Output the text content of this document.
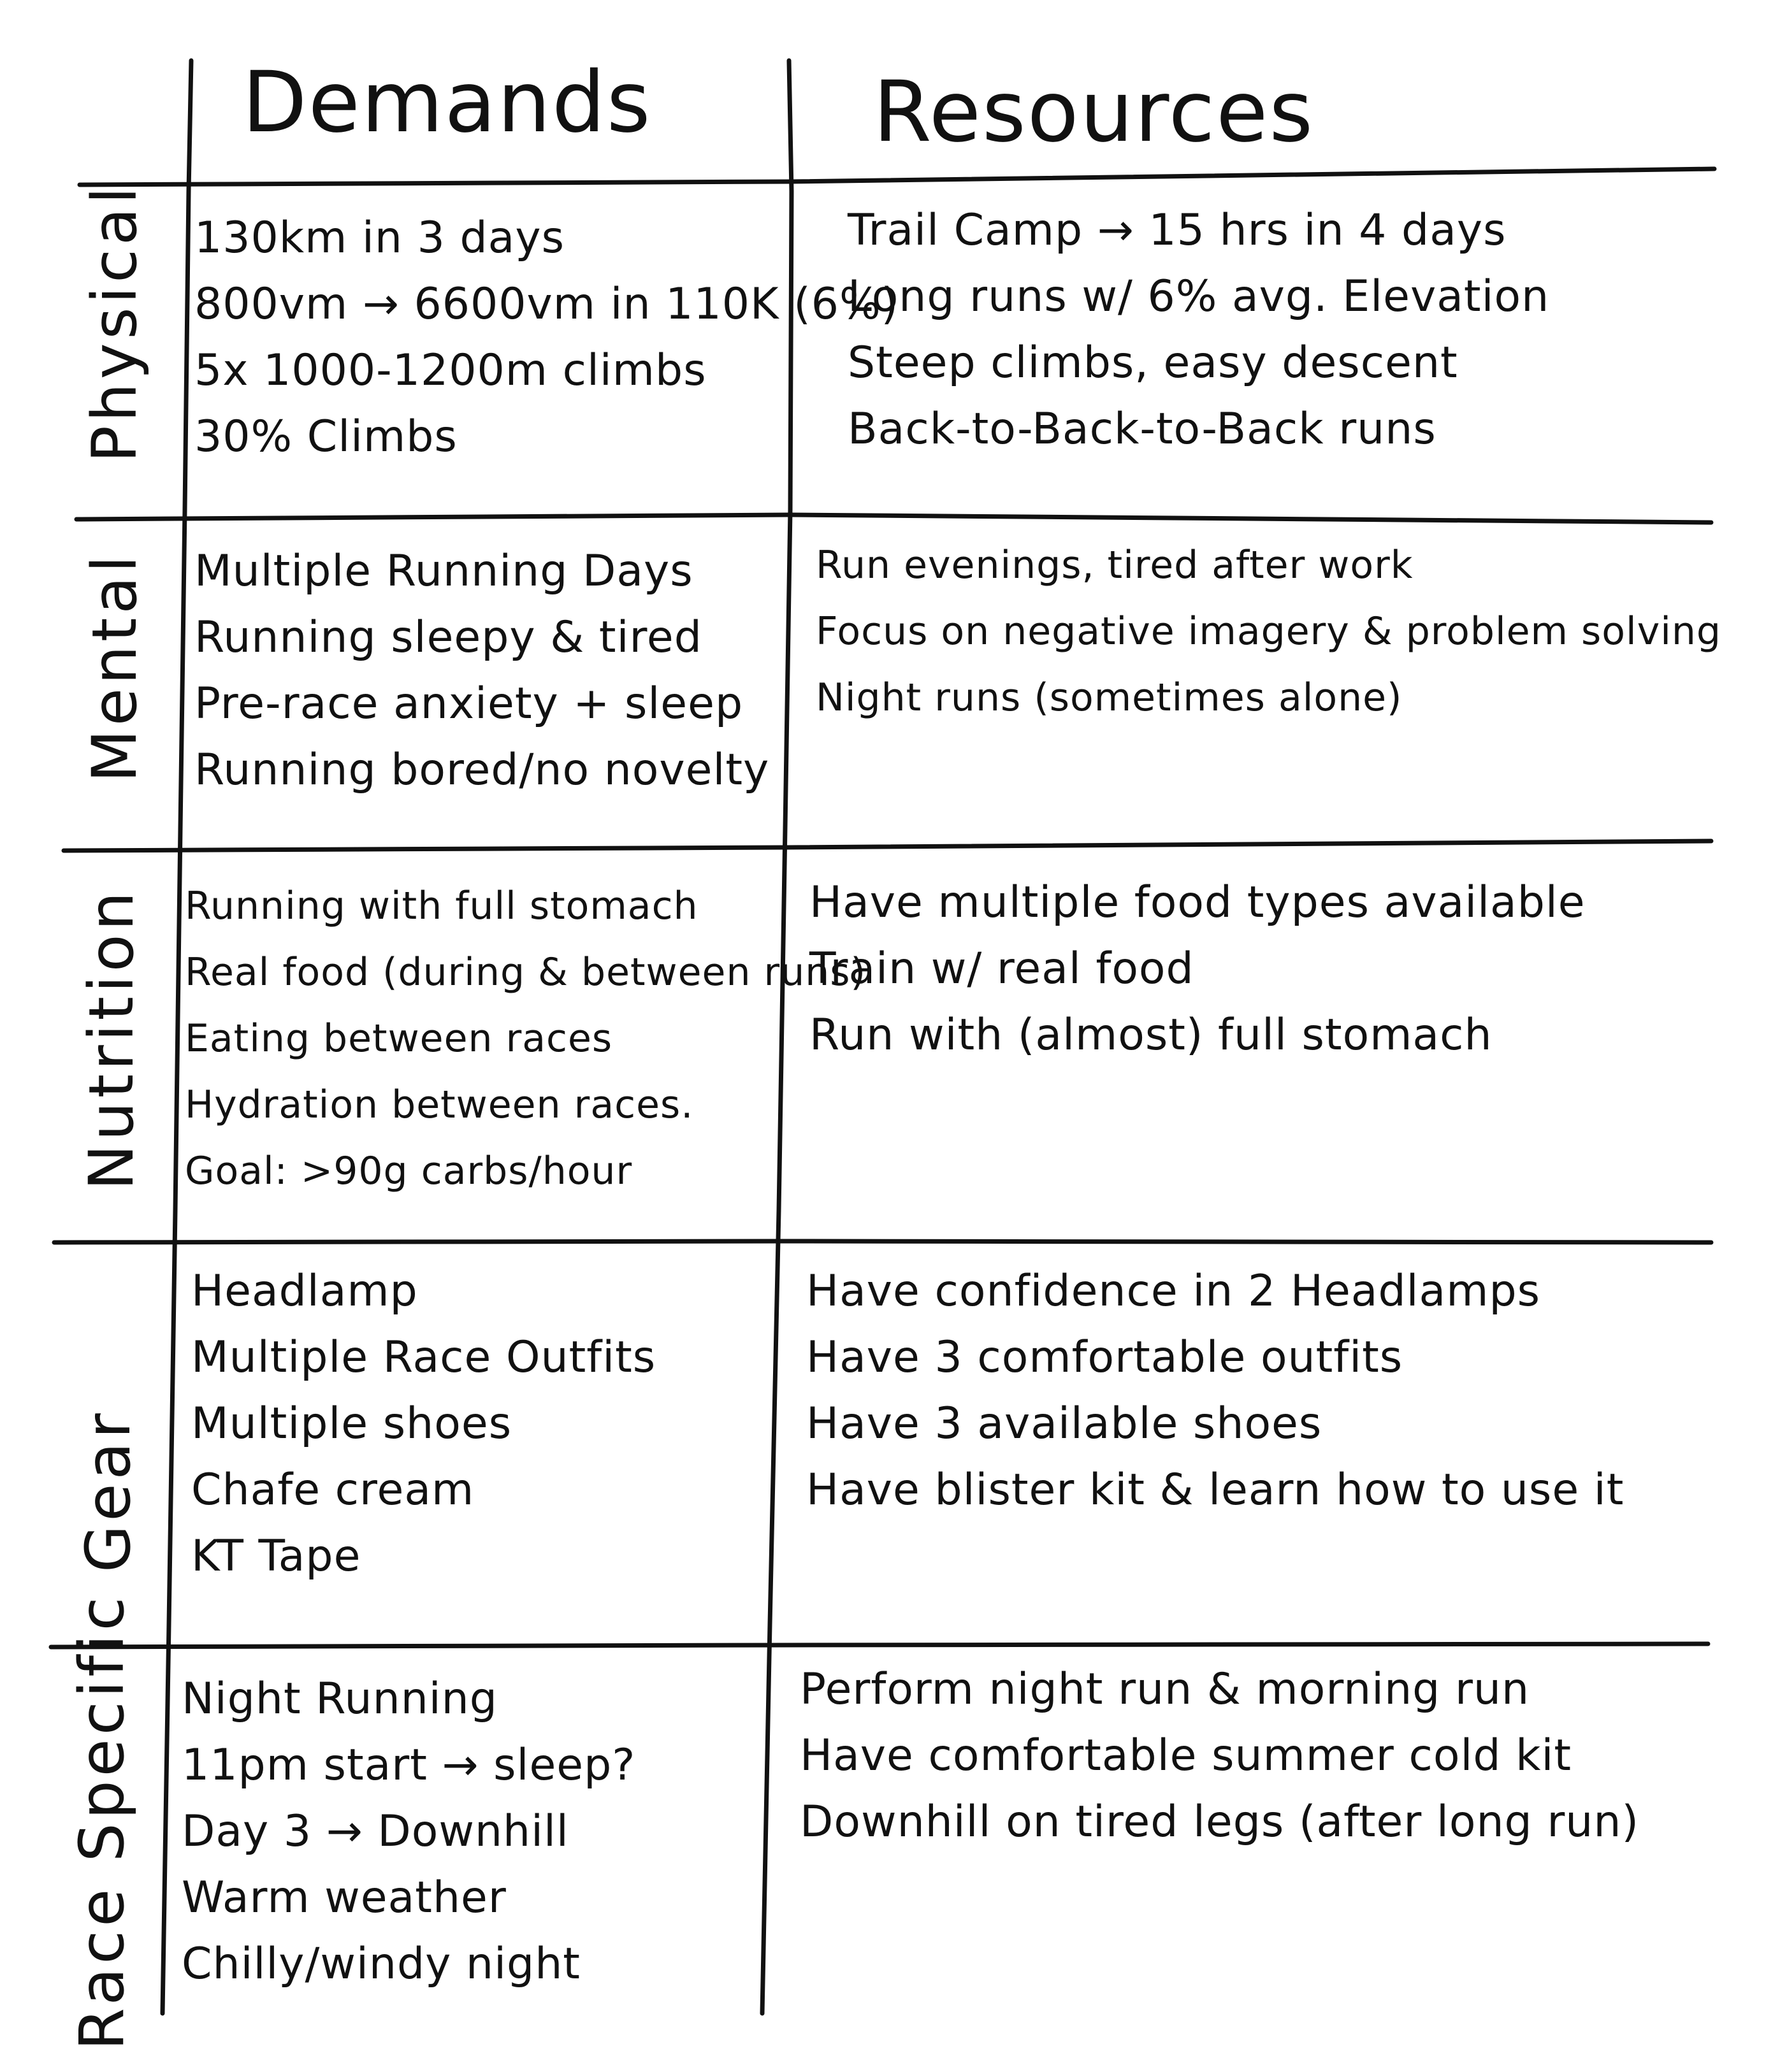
Demands	Resources
Physical
Mental
Nutrition
Gear
Race Specific
130km in 3 days
800vm → 6600vm in 110K (6%)
5x 1000-1200m climbs
30% Climbs
Trail Camp → 15 hrs in 4 days
Long runs w/ 6% avg. Elevation
Steep climbs, easy descent
Back-to-Back-to-Back runs
Multiple Running Days
Running sleepy & tired
Pre-race anxiety + sleep
Running bored/no novelty
Run evenings, tired after work
Focus on negative imagery & problem solving
Night runs (sometimes alone)
Running with full stomach
Real food (during & between runs)
Eating between races
Hydration between races.
Goal: >90g carbs/hour
Have multiple food types available
Train w/ real food
Run with (almost) full stomach
Headlamp
Multiple Race Outfits
Multiple shoes
Chafe cream
KT Tape
Have confidence in 2 Headlamps
Have 3 comfortable outfits
Have 3 available shoes
Have blister kit & learn how to use it
Night Running
11pm start → sleep?
Day 3 → Downhill
Warm weather
Chilly/windy night
Perform night run & morning run
Have comfortable summer cold kit
Downhill on tired legs (after long run)
